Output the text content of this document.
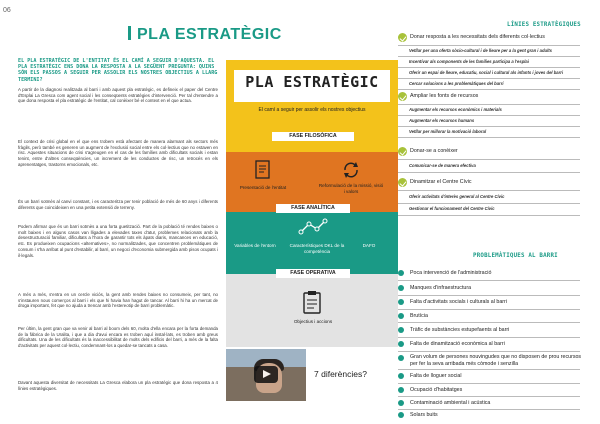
06
PLA ESTRATÈGIC
EL PLA ESTRATÈGIC DE L'ENTITAT ÉS EL CAMÍ A SEGUIR D'AQUESTA. EL PLA ESTRATÈGIC ENS DONA LA RESPOSTA A LA SEGÜENT PREGUNTA: QUINS SÓN ELS PASSOS A SEGUIR PER ASSOLIR ELS NOSTRES OBJECTIUS A LLARG TERMINI?
A partir de la diagnosi realitzada al barri i amb aquest pla estratègic, es defineix el paper del Centre d'Esplai La Gresca com agent social i les conseqüents estratègies d'intervenció. Per tal d'entendre a que dona resposta el pla estratègic de l'entitat, cal conèixer bé el context en el que actua.
El context de crisi global en el que ens trobem està afectant de manera alarmant als sectors més fràgils, però també es generen un augment de l'exclusió social entre els col·lectius que no estaven en risc. Aquestes situacions de crisi s'agreugen en el cas de les famílies amb dificultats socials i estan tenint, entre d'altres conseqüències, un increment de les conductes de risc, un retrocés en els aprenentatges, trastorns emocionals, etc.
És un barri sotmès al canvi constant, i es caracteritza per tenir població de més de 60 anys i diferents diferents que coincideixen en una petita extensió de terreny.
Podem afirmar que és un barri sotmès a una forta guetització. Part de la població té rendes baixes o molt baixes i en alguns casos van lligades a elevades taxes d'atur, problemes relacionats amb la desestructuració familiar, dificultats a l'hora de garantir tots els àpats diaris, mancances en educació, etc. Es produeixen ocupacions «alternatives», no normalitzades, que concentren problemàtiques de consum i s'ha arribat al punt d'estabilir, al barri, un negoci d'economia submergida amb pisos ocupats i il·legals.
A més a més, s'entra en un cercle viciós, la gent amb rendes baixes no consumeix, per tant, no s'instauren nous comerços al barri i els que hi havia han hagut de tancar. Al barri hi ha un mercat de droga important, fet que no ajuda a trencar amb l'estereotip de barri problemàtic.
Per últim, la gent gran que va venir al barri al boom dels 60, molta d'ella encara per la forta demanda de la fàbrica de la Uralita, i que a dia d'avui encara es troben aquí instal·lats, es troben amb greus dificultats. Una de les dificultats és la inaccessibilitat de molts dels edificis del barri, a més de la falta d'activitats per aquest col·lectiu, condemnant-los a quedar-se tancats a casa.
Davant aquesta diversitat de necessitats La Gresca elabora un pla estratègic que dona resposta a 4 línies estratègiques.
PLA ESTRATÈGIC
El camí a seguir per assolir els nostres objectius
FASE FILOSÒFICA
FASE ANALÍTICA
FASE OPERATIVA
Presentació de l'entitat	Reformulació de la missió, visió i valors
Variables de l'entorn	Característiques DKL de la competència
DAFO
Objectius i accions
7 diferències?
LÍNIES ESTRATÈGIQUES
Donar resposta a les necessitats dels diferents col·lectius
Vetllar per una oferta sòcio-cultural i de lleure per a la gent gran i adults
Incentivar als components de les famílies participa a l'esplai
Oferir un espai de lleure, educatiu, social i cultural als infants i joves del barri
Cercar solucions a les problemàtiques del barri
Ampliar les fonts de recursos
Augmentar els recursos econòmics i materials
Augmentar els recursos humans
Vetllar per millorar la motivació laboral
Donar-se a conèixer
Comunicar-se de manera efectiva
Dinamitzar el Centre Cívic
Oferir activitats d'interès general al Centre Cívic
Gestionar el funcionament del Centre Cívic
PROBLEMÀTIQUES AL BARRI
Poca intervenció de l'administració
Manques d'infraestructura
Falta d'activitats socials i culturals al barri
Brutícia
Tràfic de substàncies estupefaents al barri
Falta de dinamització econòmica al barri
Gran volum de persones nouvingudes que no disposen de prou recursos per fer la seva arribada més còmode i senzilla
Falta de lloguer social
Ocupació d'habitatges
Contaminació ambiental i acústica
Solars buits
